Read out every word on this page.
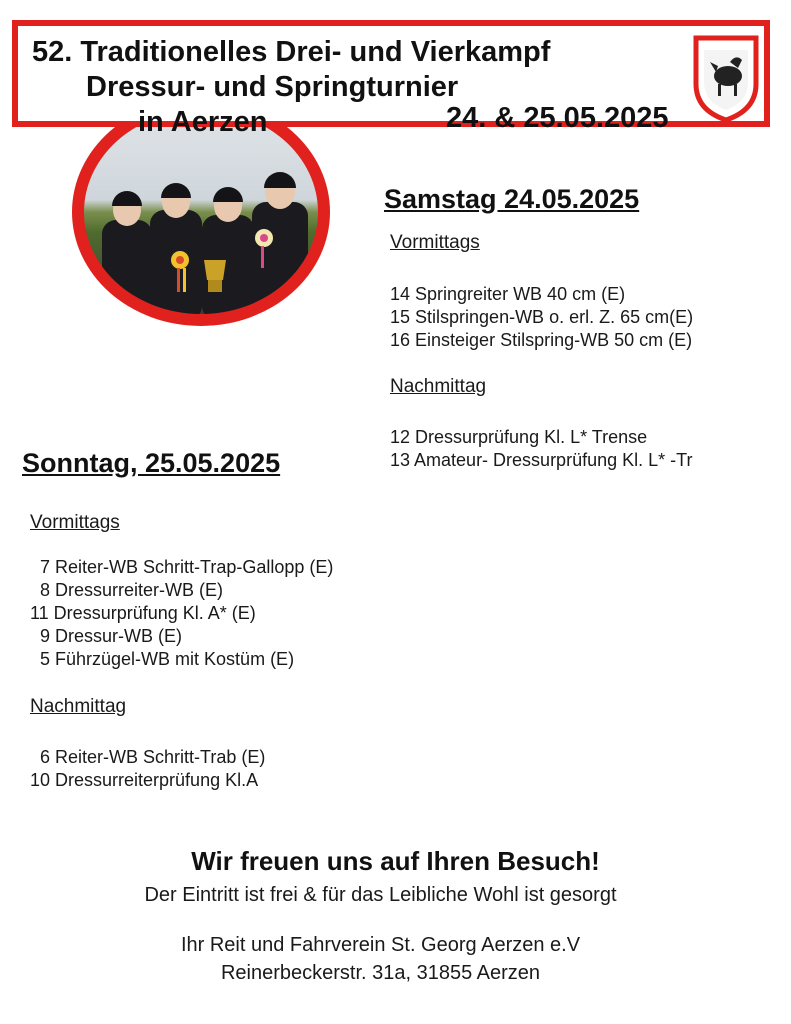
52. Traditionelles Drei- und Vierkampf
Dressur- und Springturnier
in Aerzen	24. & 25.05.2025
Samstag 24.05.2025
Vormittags
14 Springreiter WB 40 cm (E)
15 Stilspringen-WB o. erl. Z. 65 cm(E)
16 Einsteiger Stilspring-WB 50 cm (E)
Nachmittag
12 Dressurprüfung Kl. L* Trense
13 Amateur- Dressurprüfung Kl. L* -Tr
Sonntag, 25.05.2025
Vormittags
7 Reiter-WB Schritt-Trap-Gallopp (E)
8 Dressurreiter-WB (E)
11 Dressurprüfung Kl. A* (E)
9 Dressur-WB (E)
5 Führzügel-WB mit Kostüm (E)
Nachmittag
6 Reiter-WB Schritt-Trab (E)
10 Dressurreiterprüfung Kl.A
Wir freuen uns auf Ihren Besuch!
Der Eintritt ist frei & für das Leibliche Wohl ist gesorgt
Ihr Reit und Fahrverein St. Georg Aerzen e.V
Reinerbeckerstr. 31a, 31855 Aerzen
